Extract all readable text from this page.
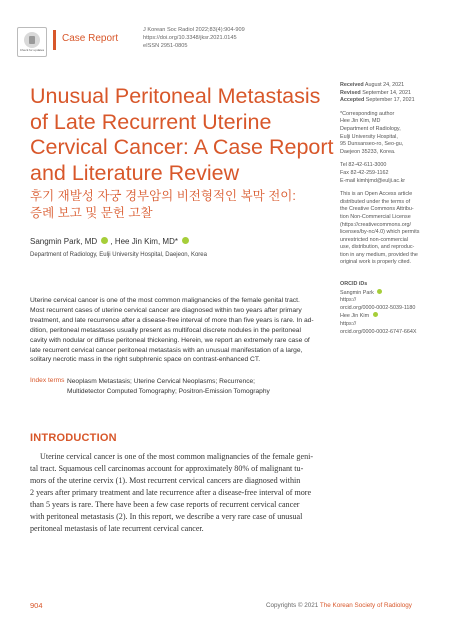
Check for updates
Case Report
J Korean Soc Radiol 2022;83(4):904-909
https://doi.org/10.3348/jksr.2021.0145
eISSN 2951-0805
Unusual Peritoneal Metastasis
of Late Recurrent Uterine
Cervical Cancer: A Case Report
and Literature Review
후기 재발성 자궁 경부암의 비전형적인 복막 전이:
증례 보고 및 문헌 고찰
Sangmin Park, MD , Hee Jin Kim, MD*
Department of Radiology, Eulji University Hospital, Daejeon, Korea
Uterine cervical cancer is one of the most common malignancies of the female genital tract.
Most recurrent cases of uterine cervical cancer are diagnosed within two years after primary
treatment, and late recurrence after a disease-free interval of more than five years is rare. In ad-
dition, peritoneal metastases usually present as multifocal discrete nodules in the peritoneal
cavity with nodular or diffuse peritoneal thickening. Herein, we report an extremely rare case of
late recurrent cervical cancer peritoneal metastasis with an unusual manifestation of a large,
solitary necrotic mass in the right subphrenic space on contrast-enhanced CT.
Index terms Neoplasm Metastasis; Uterine Cervical Neoplasms; Recurrence;
Multidetector Computed Tomography; Positron-Emission Tomography
Received August 24, 2021
Revised September 14, 2021
Accepted September 17, 2021
*Corresponding author
Hee Jin Kim, MD
Department of Radiology,
Eulji University Hospital,
95 Dunsanseo-ro, Seo-gu,
Daejeon 35233, Korea.
Tel 82-42-611-3000
Fax 82-42-259-1162
E-mail kimhjmd@eulji.ac.kr
This is an Open Access article
distributed under the terms of
the Creative Commons Attribu-
tion Non-Commercial License
(https://creativecommons.org/
licenses/by-nc/4.0) which permits
unrestricted non-commercial
use, distribution, and reproduc-
tion in any medium, provided the
original work is properly cited.
ORCID iDs
Sangmin Park
https://
orcid.org/0000-0002-5039-1180
Hee Jin Kim
https://
orcid.org/0000-0002-6747-664X
INTRODUCTION
Uterine cervical cancer is one of the most common malignancies of the female geni-
tal tract. Squamous cell carcinomas account for approximately 80% of malignant tu-
mors of the uterine cervix (1). Most recurrent cervical cancers are diagnosed within
2 years after primary treatment and late recurrence after a disease-free interval of more
than 5 years is rare. There have been a few case reports of recurrent cervical cancer
with peritoneal metastasis (2). In this report, we describe a very rare case of unusual
peritoneal metastasis of late recurrent cervical cancer.
904	Copyrights © 2021 The Korean Society of Radiology
